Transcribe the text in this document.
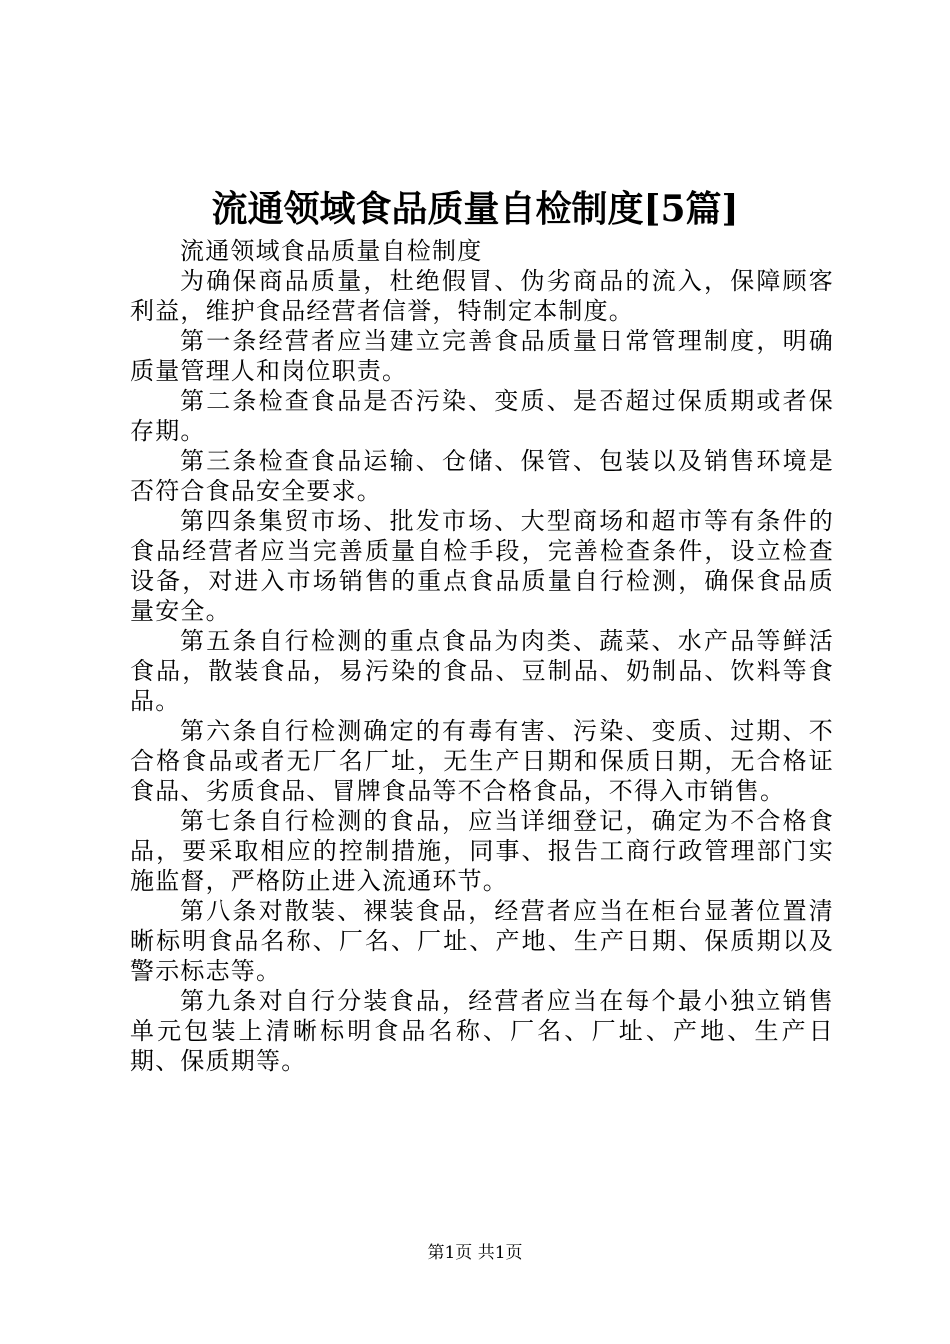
流通领域食品质量自检制度[5篇]

流通领域食品质量自检制度

为确保商品质量，杜绝假冒、伪劣商品的流入，保障顾客利益，维护食品经营者信誉，特制定本制度。

第一条经营者应当建立完善食品质量日常管理制度，明确质量管理人和岗位职责。

第二条检查食品是否污染、变质、是否超过保质期或者保存期。

第三条检查食品运输、仓储、保管、包装以及销售环境是否符合食品安全要求。

第四条集贸市场、批发市场、大型商场和超市等有条件的食品经营者应当完善质量自检手段，完善检查条件，设立检查设备，对进入市场销售的重点食品质量自行检测，确保食品质量安全。

第五条自行检测的重点食品为肉类、蔬菜、水产品等鲜活食品，散装食品，易污染的食品、豆制品、奶制品、饮料等食品。

第六条自行检测确定的有毒有害、污染、变质、过期、不合格食品或者无厂名厂址，无生产日期和保质日期，无合格证食品、劣质食品、冒牌食品等不合格食品，不得入市销售。

第七条自行检测的食品，应当详细登记，确定为不合格食品，要采取相应的控制措施，同事、报告工商行政管理部门实施监督，严格防止进入流通环节。

第八条对散装、裸装食品，经营者应当在柜台显著位置清晰标明食品名称、厂名、厂址、产地、生产日期、保质期以及警示标志等。

第九条对自行分装食品，经营者应当在每个最小独立销售单元包装上清晰标明食品名称、厂名、厂址、产地、生产日期、保质期等。

第1页 共1页
